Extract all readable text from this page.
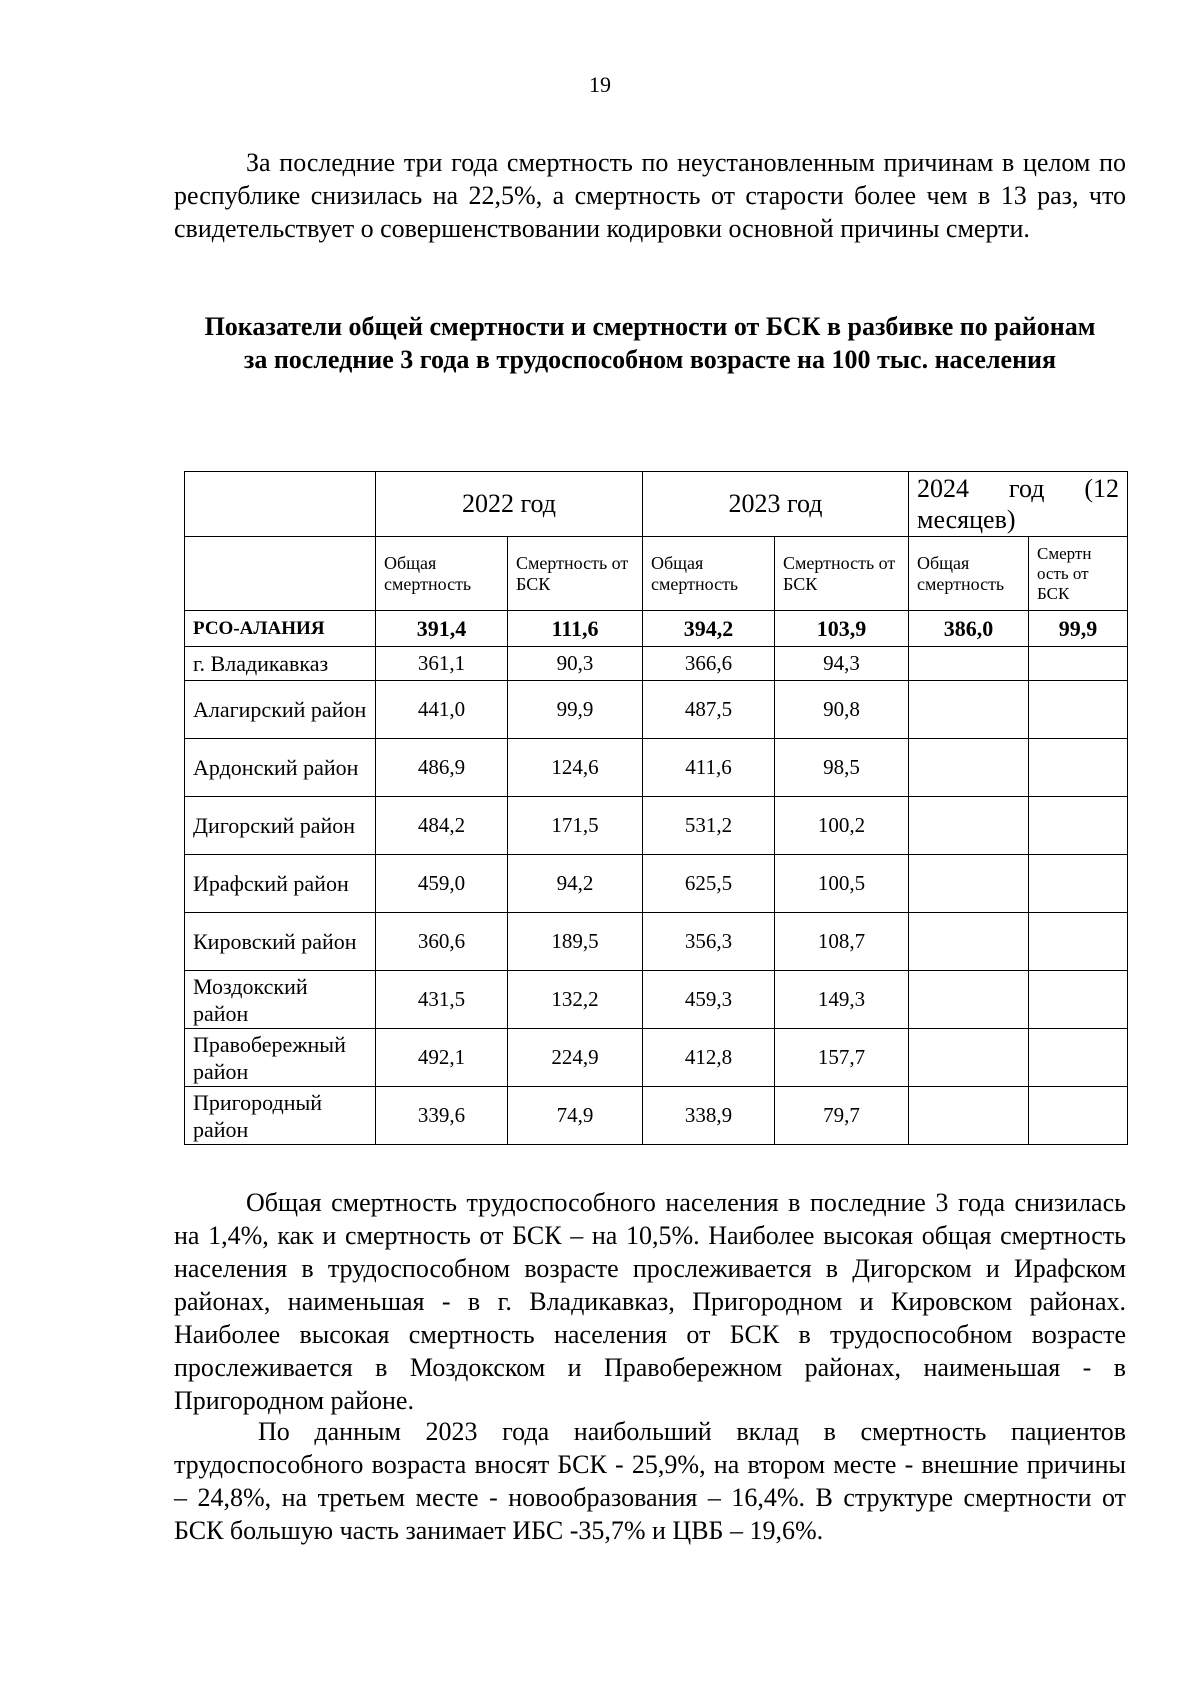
19

За последние три года смертность по неустановленным причинам в целом по республике снизилась на 22,5%, а смертность от старости более чем в 13 раз, что свидетельствует о совершенствовании кодировки основной причины смерти.

Показатели общей смертности и смертности от БСК в разбивке по районам за последние 3 года в трудоспособном возрасте на 100 тыс. населения

	2022 год		2023 год		2024 год (12 месяцев)	
	Общая смертность	Смертность от БСК	Общая смертность	Смертность от БСК	Общая смертность	Смертн ость от БСК
РСО-АЛАНИЯ	391,4	111,6	394,2	103,9	386,0	99,9
г. Владикавказ	361,1	90,3	366,6	94,3		
Алагирский район	441,0	99,9	487,5	90,8		
Ардонский район	486,9	124,6	411,6	98,5		
Дигорский район	484,2	171,5	531,2	100,2		
Ирафский район	459,0	94,2	625,5	100,5		
Кировский район	360,6	189,5	356,3	108,7		
Моздокский район	431,5	132,2	459,3	149,3		
Правобережный район	492,1	224,9	412,8	157,7		
Пригородный район	339,6	74,9	338,9	79,7		

Общая смертность трудоспособного населения в последние 3 года снизилась на 1,4%, как и смертность от БСК – на 10,5%. Наиболее высокая общая смертность населения в трудоспособном возрасте прослеживается в Дигорском и Ирафском районах, наименьшая - в г. Владикавказ, Пригородном и Кировском районах. Наиболее высокая смертность населения от БСК в трудоспособном возрасте прослеживается в Моздокском и Правобережном районах, наименьшая - в Пригородном районе.

По данным 2023 года наибольший вклад в смертность пациентов трудоспособного возраста вносят БСК - 25,9%, на втором месте - внешние причины – 24,8%, на третьем месте - новообразования – 16,4%. В структуре смертности от БСК большую часть занимает ИБС -35,7% и ЦВБ – 19,6%.
